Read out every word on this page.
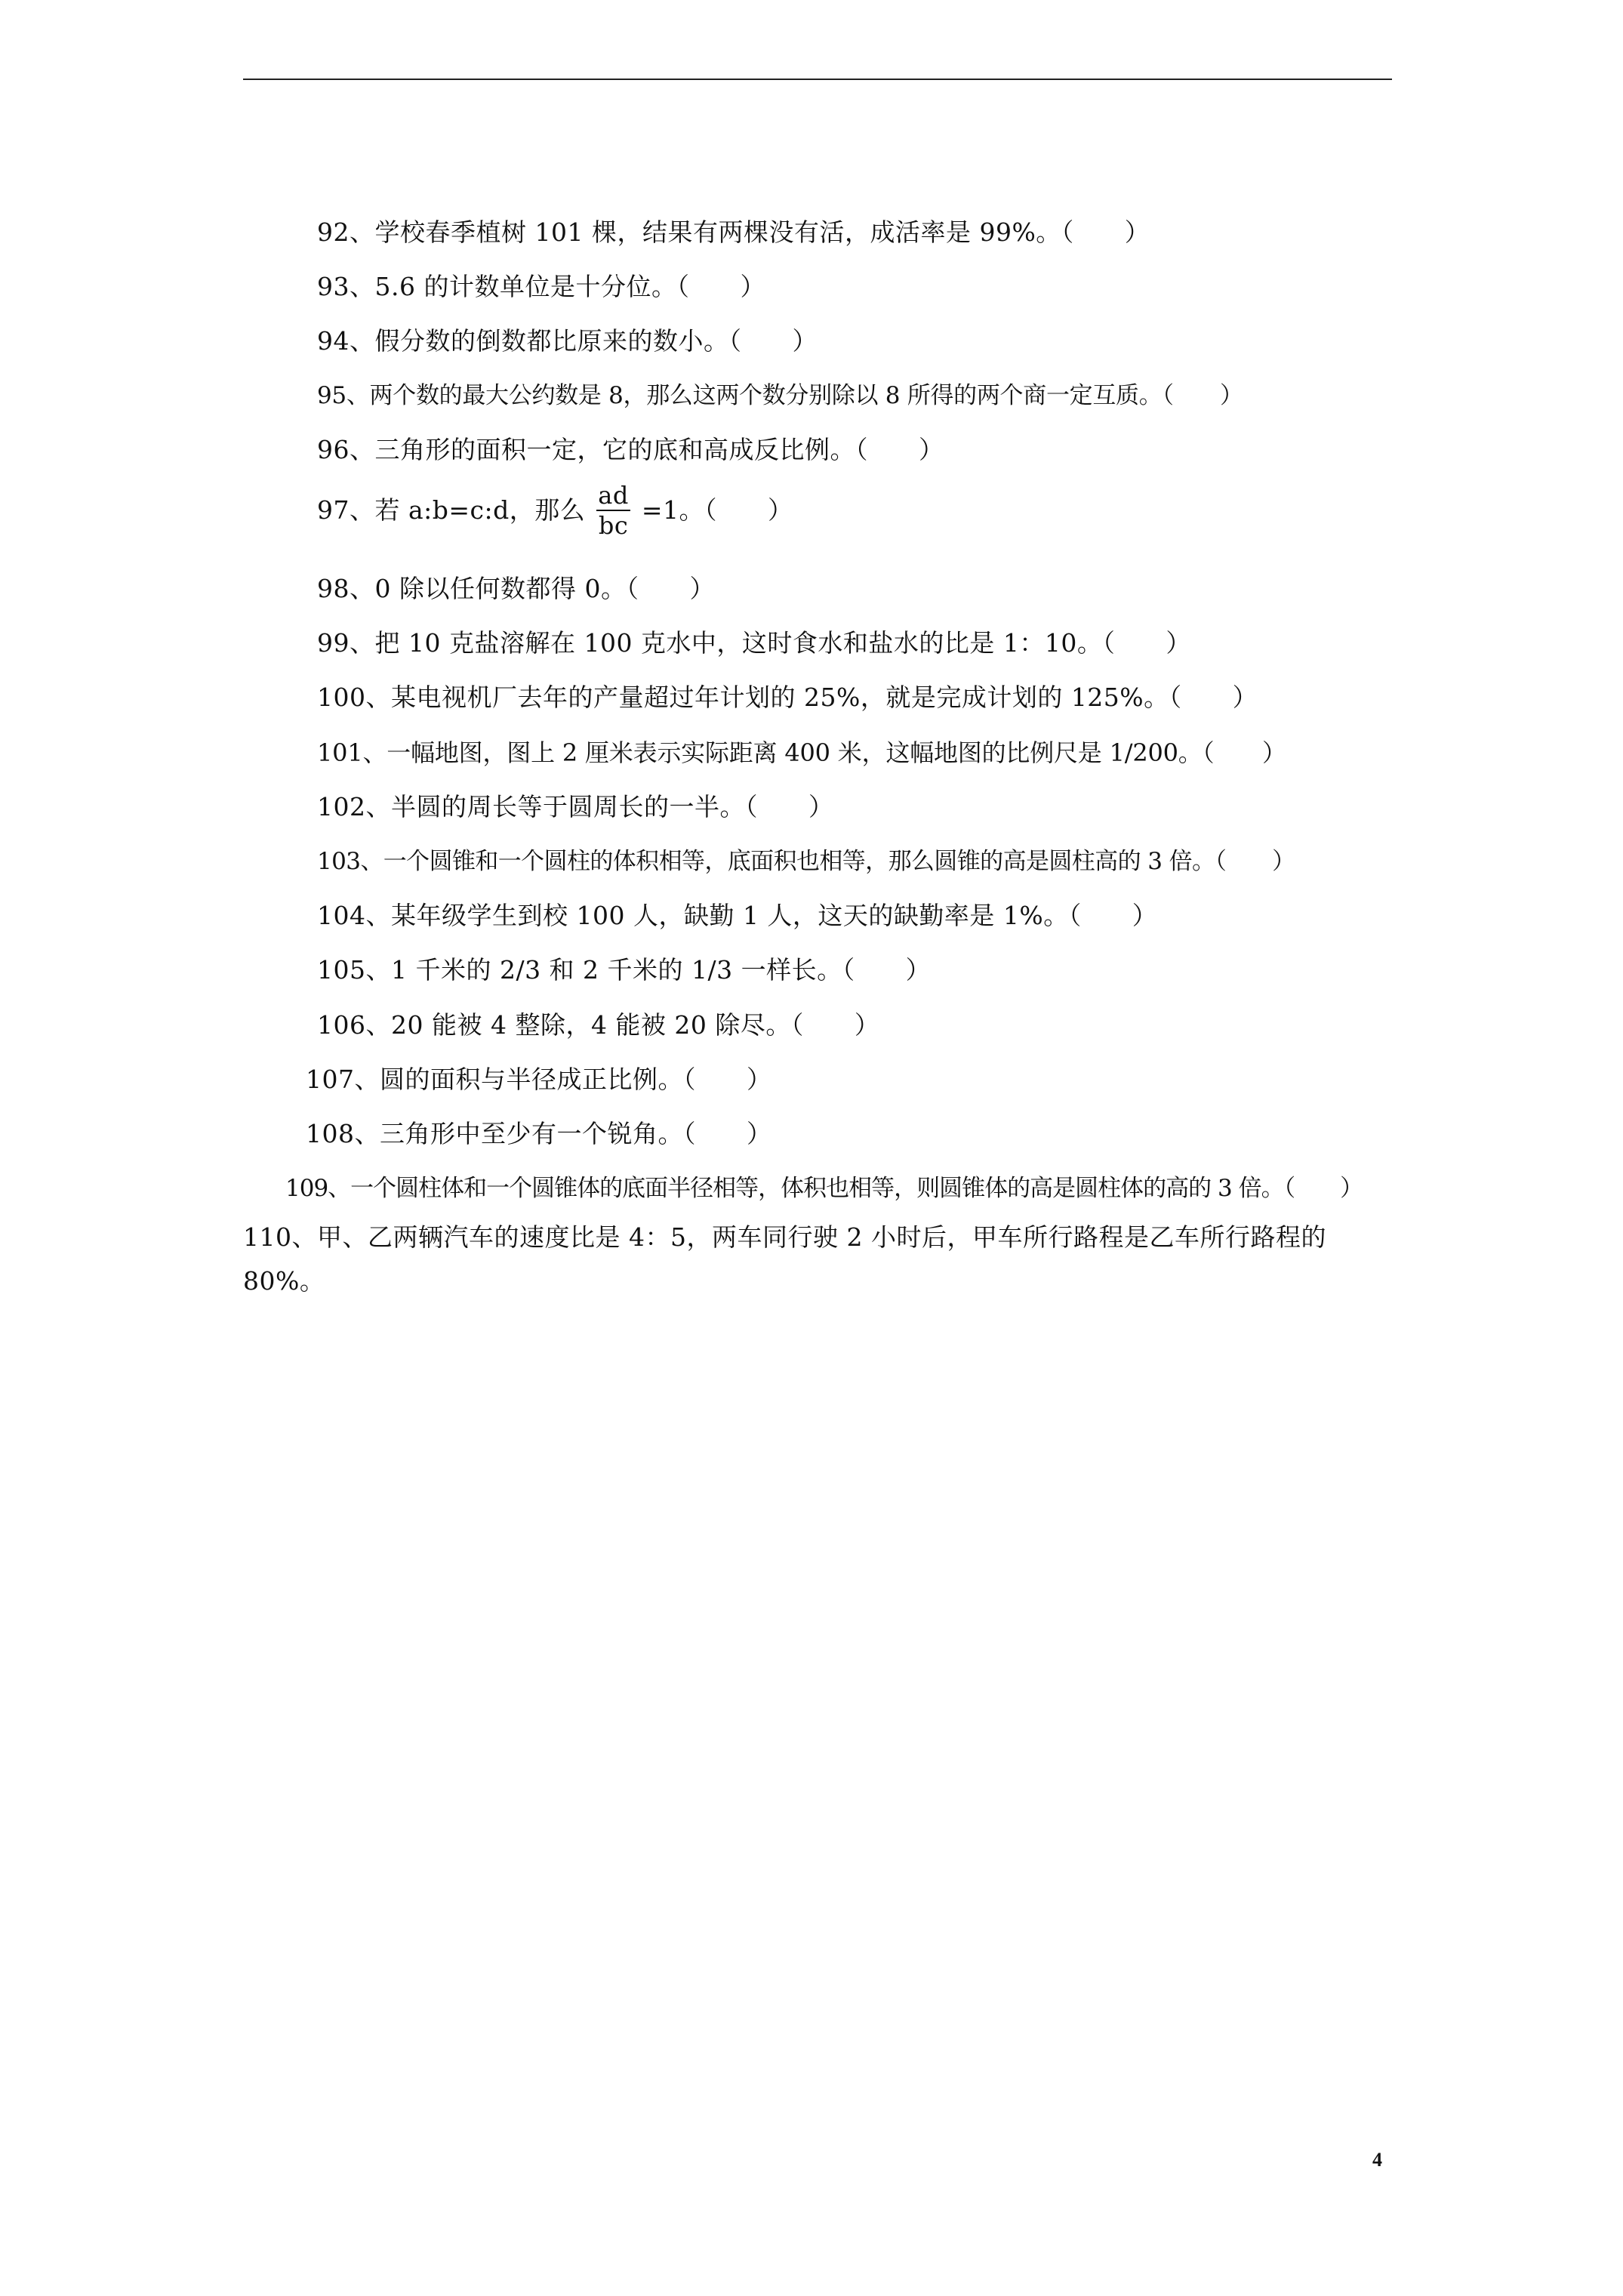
92、学校春季植树 101 棵，结果有两棵没有活，成活率是 99%。（　　）
93、5.6 的计数单位是十分位。（　　）
94、假分数的倒数都比原来的数小。（　　）
95、两个数的最大公约数是 8，那么这两个数分别除以 8 所得的两个商一定互质。（　　）
96、三角形的面积一定，它的底和高成反比例。（　　）
97、若 a:b=c:d，那么 $\frac{ad}{bc} =1$。（　　）
98、0 除以任何数都得 0。（　　）
99、把 10 克盐溶解在 100 克水中，这时食水和盐水的比是 1：10。（　　）
100、某电视机厂去年的产量超过年计划的 25%，就是完成计划的 125%。（　　）
101、一幅地图，图上 2 厘米表示实际距离 400 米，这幅地图的比例尺是 1/200。（　　）
102、半圆的周长等于圆周长的一半。（　　）
103、一个圆锥和一个圆柱的体积相等，底面积也相等，那么圆锥的高是圆柱高的 3 倍。（　　）
104、某年级学生到校 100 人，缺勤 1 人，这天的缺勤率是 1%。（　　）
105、1 千米的 2/3 和 2 千米的 1/3 一样长。（　　）
106、20 能被 4 整除，4 能被 20 除尽。（　　）
107、圆的面积与半径成正比例。（　　）
108、三角形中至少有一个锐角。（　　）
109、一个圆柱体和一个圆锥体的底面半径相等，体积也相等，则圆锥体的高是圆柱体的高的 3 倍。（　　）
110、甲、乙两辆汽车的速度比是 4：5，两车同行驶 2 小时后，甲车所行路程是乙车所行路程的 80%。
4
